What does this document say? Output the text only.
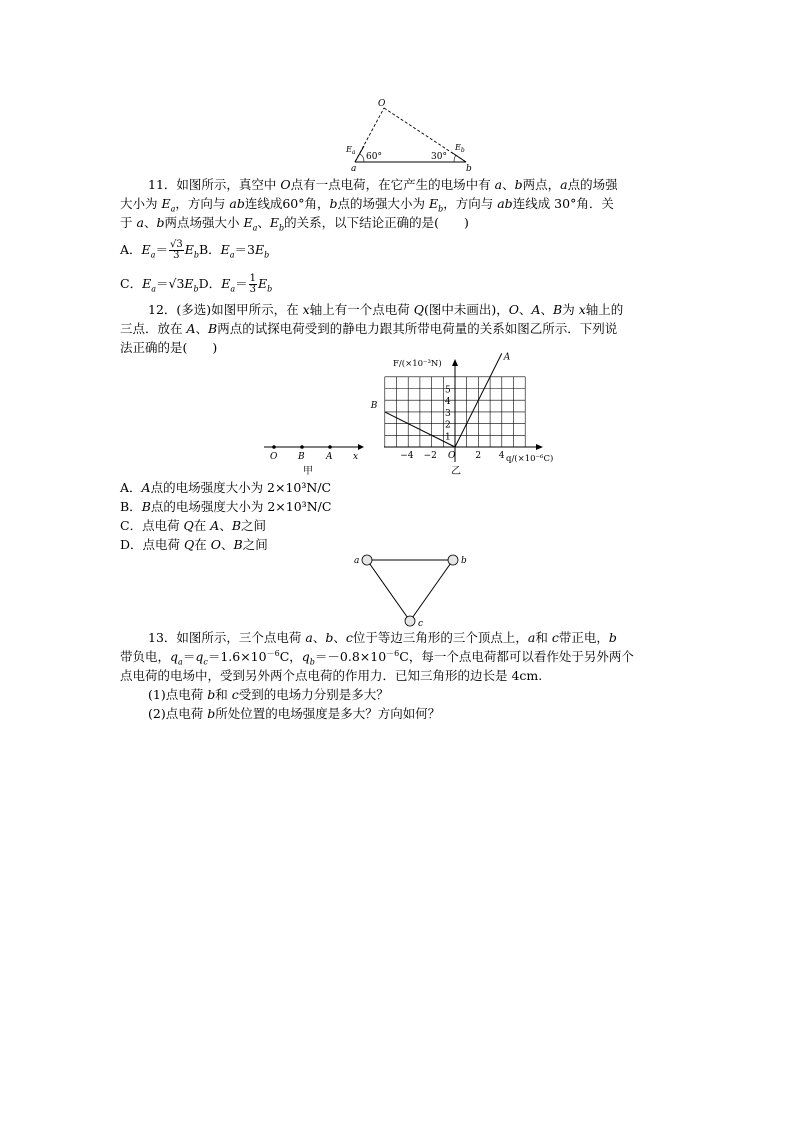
O
$E_a$
$E_b$
60°	30°
a	b
11．如图所示，真空中 O点有一点电荷，在它产生的电场中有 a、b两点，a点的场强
大小为 $E_a$，方向与 ab连线成60°角，b点的场强大小为 $E_b$，方向与 ab连线成 30°角．关
于 a、b两点场强大小 $E_a$、$E_b$的关系，以下结论正确的是(　　)
A．$E_a= \frac{√3}{3} E_bB$．$E_a=3E_b$
C．$E_a=√3E_bD$．$E_a= \frac{1}{3} E_b$
12．(多选)如图甲所示，在 x轴上有一个点电荷 Q(图中未画出)，O、A、B为 x轴上的
三点．放在 A、B两点的试探电荷受到的静电力跟其所带电荷量的关系如图乙所示．下列说
法正确的是(　　)
O B A x
甲
A
B
−4 −2 O 2 4
1
2
3
4
5
F/(×10⁻³N)
q/(×10⁻⁶C)
乙
A．A点的电场强度大小为 2×10³N/C
B．B点的电场强度大小为 2×10³N/C
C．点电荷 Q在 A、B之间
D．点电荷 Q在 O、B之间
a	b
c
13．如图所示，三个点电荷 a、b、c位于等边三角形的三个顶点上，a和 c带正电，b
带负电，$q_a=q_c=1.6\times 10^{-6}C$，$q_b=-0.8\times 10^{-6}C$，每一个点电荷都可以看作处于另外两个
点电荷的电场中，受到另外两个点电荷的作用力．已知三角形的边长是 4cm.
(1)点电荷 b和 c受到的电场力分别是多大？
(2)点电荷 b所处位置的电场强度是多大？方向如何？
